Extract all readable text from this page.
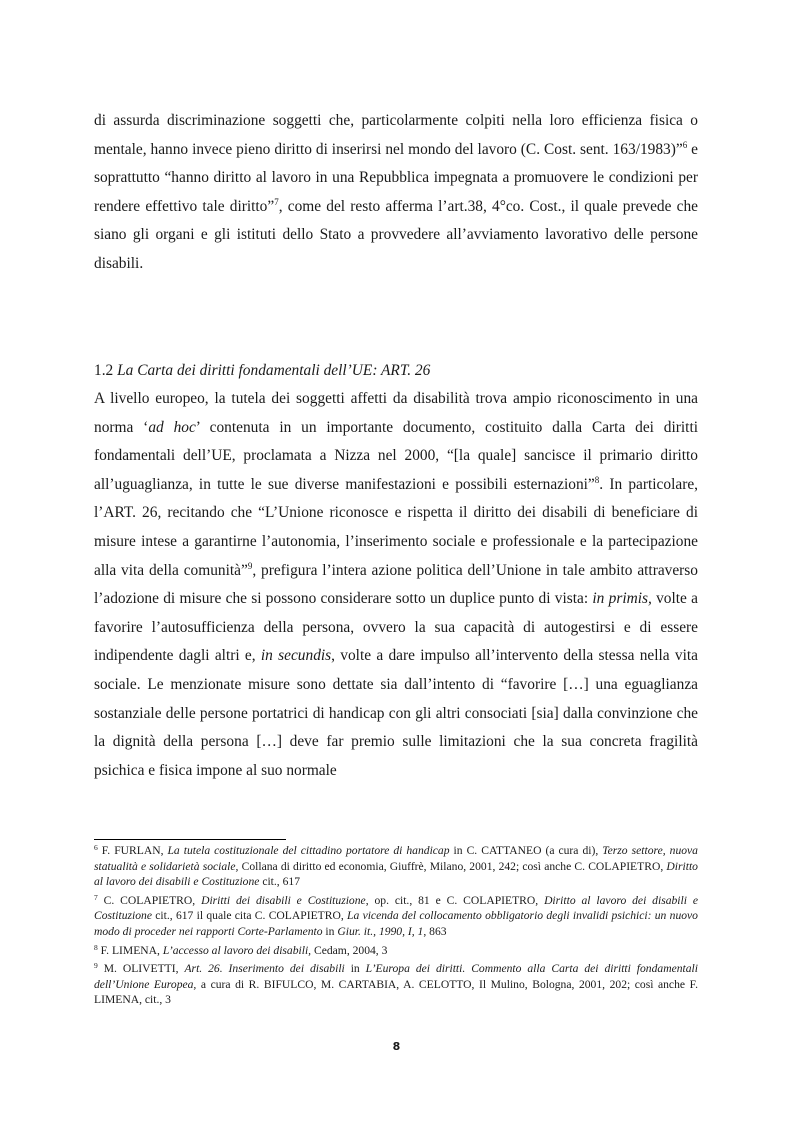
di assurda discriminazione soggetti che, particolarmente colpiti nella loro efficienza fisica o mentale, hanno invece pieno diritto di inserirsi nel mondo del lavoro (C. Cost. sent. 163/1983)”$^6$ e soprattutto “hanno diritto al lavoro in una Repubblica impegnata a promuovere le condizioni per rendere effettivo tale diritto”$^7$, come del resto afferma l’art.38, 4°co. Cost., il quale prevede che siano gli organi e gli istituti dello Stato a provvedere all’avviamento lavorativo delle persone disabili.

1.2 La Carta dei diritti fondamentali dell’UE: ART. 26

A livello europeo, la tutela dei soggetti affetti da disabilità trova ampio riconoscimento in una norma ‘ad hoc’ contenuta in un importante documento, costituito dalla Carta dei diritti fondamentali dell’UE, proclamata a Nizza nel 2000, “[la quale] sancisce il primario diritto all’uguaglianza, in tutte le sue diverse manifestazioni e possibili esternazioni”$^8$. In particolare, l’ART. 26, recitando che “L’Unione riconosce e rispetta il diritto dei disabili di beneficiare di misure intese a garantirne l’autonomia, l’inserimento sociale e professionale e la partecipazione alla vita della comunità”$^9$, prefigura l’intera azione politica dell’Unione in tale ambito attraverso l’adozione di misure che si possono considerare sotto un duplice punto di vista: in primis, volte a favorire l’autosufficienza della persona, ovvero la sua capacità di autogestirsi e di essere indipendente dagli altri e, in secundis, volte a dare impulso all’intervento della stessa nella vita sociale. Le menzionate misure sono dettate sia dall’intento di “favorire […] una eguaglianza sostanziale delle persone portatrici di handicap con gli altri consociati [sia] dalla convinzione che la dignità della persona […] deve far premio sulle limitazioni che la sua concreta fragilità psichica e fisica impone al suo normale

$^6$ F. FURLAN, La tutela costituzionale del cittadino portatore di handicap in C. CATTANEO (a cura di), Terzo settore, nuova statualità e solidarietà sociale, Collana di diritto ed economia, Giuffrè, Milano, 2001, 242; così anche C. COLAPIETRO, Diritto al lavoro dei disabili e Costituzione cit., 617

$^7$ C. COLAPIETRO, Diritti dei disabili e Costituzione, op. cit., 81 e C. COLAPIETRO, Diritto al lavoro dei disabili e Costituzione cit., 617 il quale cita C. COLAPIETRO, La vicenda del collocamento obbligatorio degli invalidi psichici: un nuovo modo di proceder nei rapporti Corte-Parlamento in Giur. it., 1990, I, 1, 863

$^8$ F. LIMENA, L’accesso al lavoro dei disabili, Cedam, 2004, 3

$^9$ M. OLIVETTI, Art. 26. Inserimento dei disabili in L’Europa dei diritti. Commento alla Carta dei diritti fondamentali dell’Unione Europea, a cura di R. BIFULCO, M. CARTABIA, A. CELOTTO, Il Mulino, Bologna, 2001, 202; così anche F. LIMENA, cit., 3

8
